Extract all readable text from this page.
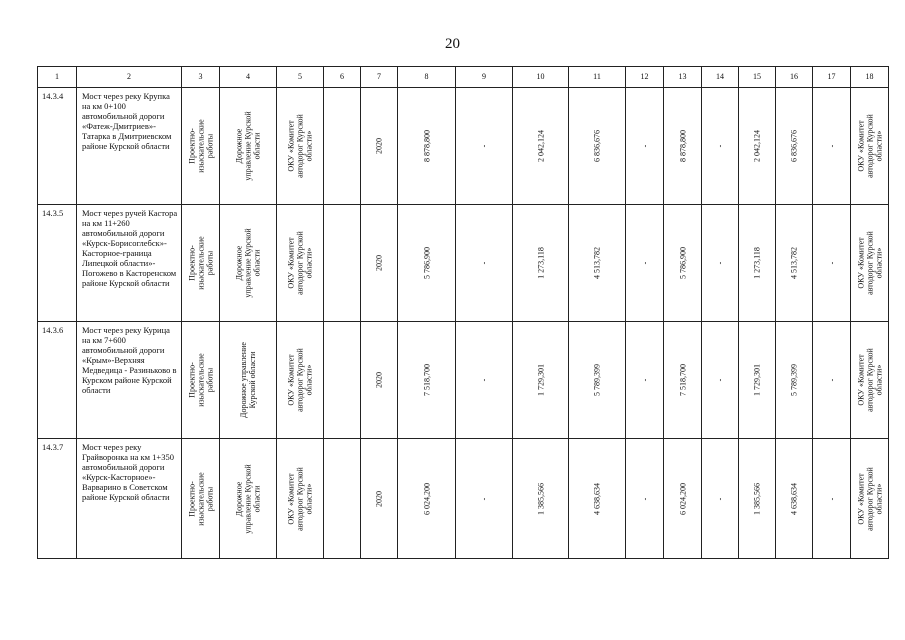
20
1	2	3	4	5	6	7	8	9	10	11	12	13	14	15	16	17	18
14.3.4	Мост через реку Крупка на км 0+100 автомобильной дороги «Фатеж-Дмитриев»-Татарка в Дмитриевском районе Курской области	Проектно-
изыскательские
работы	Дорожное
управление Курской
области	ОКУ «Комитет
автодорог Курской
области»		2020	8 878,800	-	2 042,124	6 836,676	-	8 878,800	-	2 042,124	6 836,676	-	ОКУ «Комитет
автодорог Курской
области»

14.3.5	Мост через ручей Кастора на км 11+260 автомобильной дороги «Курск-Борисоглебск»-Касторное-граница Липецкой области»-Погожево в Касторенском районе Курской области	Проектно-
изыскательские
работы	Дорожное
управление Курской
области	ОКУ «Комитет
автодорог Курской
области»		2020	5 786,900	-	1 273,118	4 513,782	-	5 786,900	-	1 273,118	4 513,782	-	ОКУ «Комитет
автодорог Курской
области»

14.3.6	Мост через реку Курица на км 7+600 автомобильной дороги «Крым»-Верхняя Медведица - Разиньково в Курском районе Курской области	Проектно-
изыскательские
работы	Дорожное управление
Курской области	ОКУ «Комитет
автодорог Курской
области»		2020	7 518,700	-	1 729,301	5 789,399	-	7 518,700	-	1 729,301	5 789,399	-	ОКУ «Комитет
автодорог Курской
области»

14.3.7	Мост через реку Грайворонка на км 1+350 автомобильной дороги «Курск-Касторное»-Варварино в Советском районе Курской области	Проектно-
изыскательские
работы	Дорожное
управление Курской
области	ОКУ «Комитет
автодорог Курской
области»		2020	6 024,200	-	1 385,566	4 638,634	-	6 024,200	-	1 385,566	4 638,634	-	ОКУ «Комитет
автодорог Курской
области»
